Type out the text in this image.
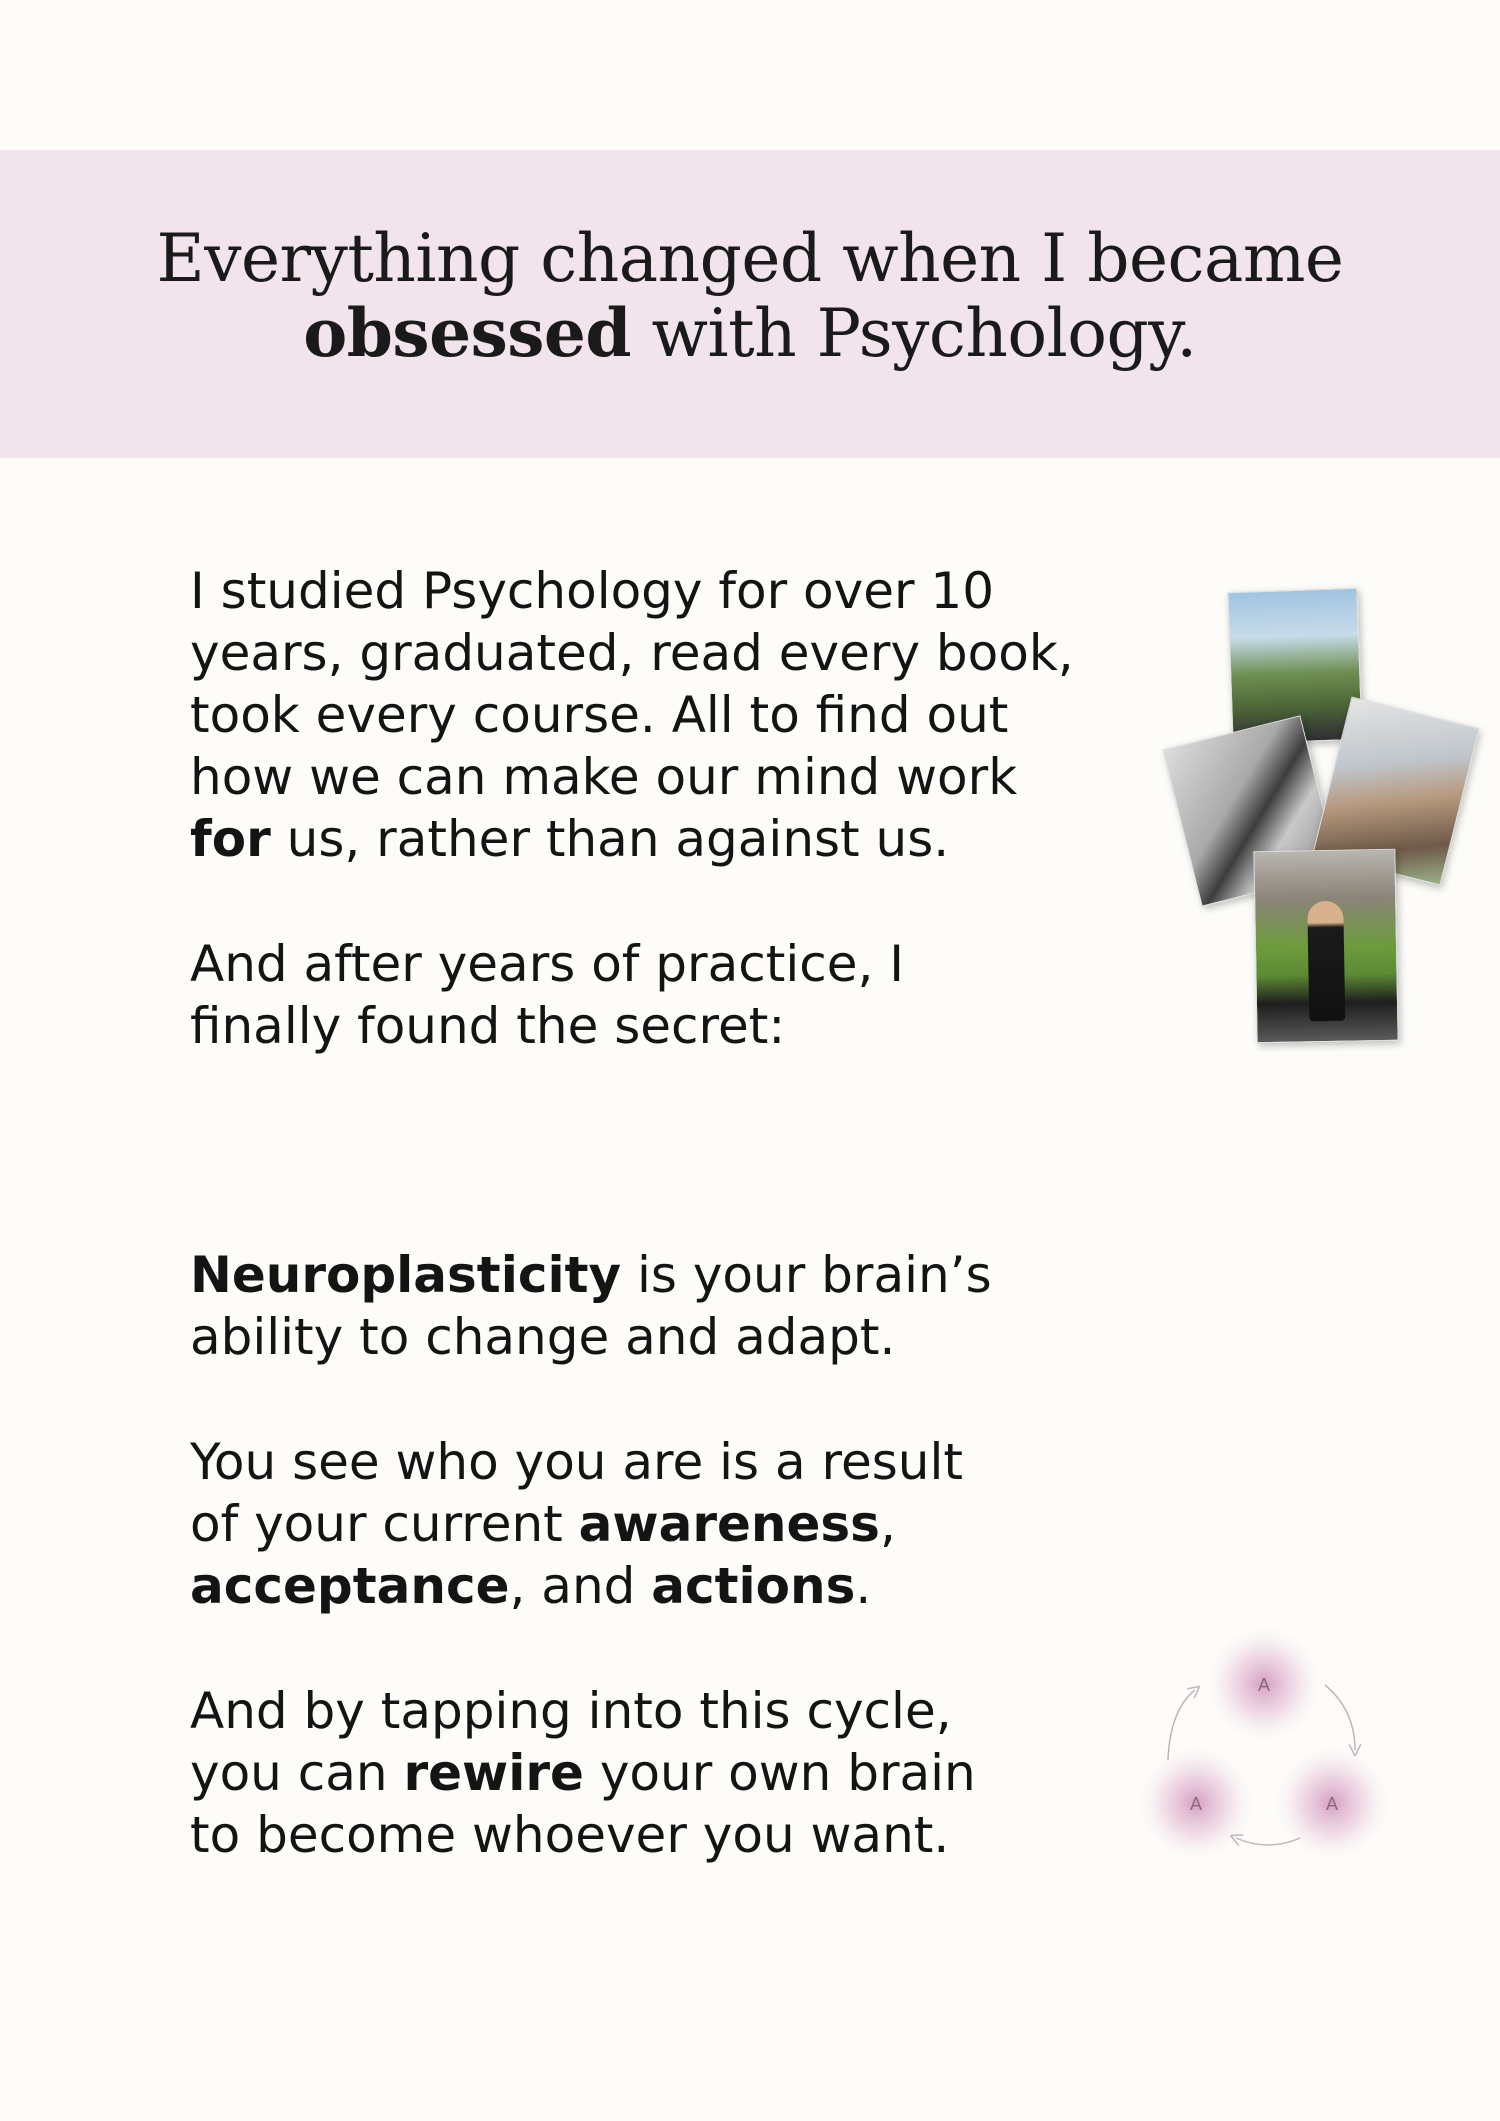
Everything changed when I became
obsessed with Psychology.

I studied Psychology for over 10
years, graduated, read every book,
took every course. All to find out
how we can make our mind work
for us, rather than against us.

And after years of practice, I
finally found the secret:

Neuroplasticity is your brain’s
ability to change and adapt.

You see who you are is a result
of your current awareness,
acceptance, and actions.

And by tapping into this cycle,
you can rewire your own brain
to become whoever you want.

A
A	A
